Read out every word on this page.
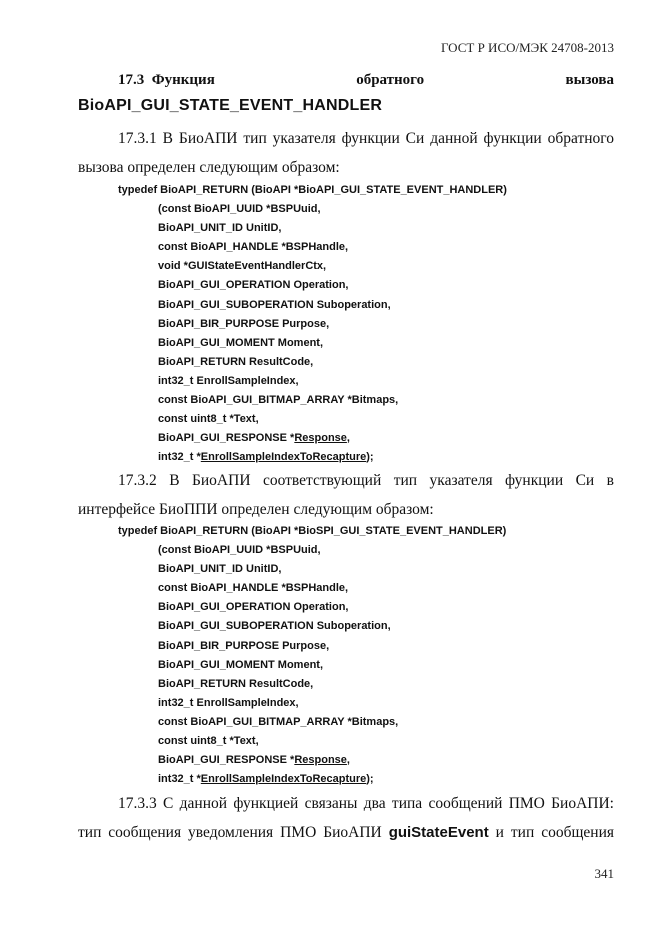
ГОСТ Р ИСО/МЭК 24708-2013
17.3 Функция	обратного	вызова
BioAPI_GUI_STATE_EVENT_HANDLER
17.3.1 В БиоАПИ тип указателя функции Си данной функции обратного
вызова определен следующим образом:
typedef BioAPI_RETURN (BioAPI *BioAPI_GUI_STATE_EVENT_HANDLER)
(const BioAPI_UUID *BSPUuid,
BioAPI_UNIT_ID UnitID,
const BioAPI_HANDLE *BSPHandle,
void *GUIStateEventHandlerCtx,
BioAPI_GUI_OPERATION Operation,
BioAPI_GUI_SUBOPERATION Suboperation,
BioAPI_BIR_PURPOSE Purpose,
BioAPI_GUI_MOMENT Moment,
BioAPI_RETURN ResultCode,
int32_t EnrollSampleIndex,
const BioAPI_GUI_BITMAP_ARRAY *Bitmaps,
const uint8_t *Text,
BioAPI_GUI_RESPONSE *Response,
int32_t *EnrollSampleIndexToRecapture);
17.3.2 В БиоАПИ соответствующий тип указателя функции Си в
интерфейсе БиоППИ определен следующим образом:
typedef BioAPI_RETURN (BioAPI *BioSPI_GUI_STATE_EVENT_HANDLER)
(const BioAPI_UUID *BSPUuid,
BioAPI_UNIT_ID UnitID,
const BioAPI_HANDLE *BSPHandle,
BioAPI_GUI_OPERATION Operation,
BioAPI_GUI_SUBOPERATION Suboperation,
BioAPI_BIR_PURPOSE Purpose,
BioAPI_GUI_MOMENT Moment,
BioAPI_RETURN ResultCode,
int32_t EnrollSampleIndex,
const BioAPI_GUI_BITMAP_ARRAY *Bitmaps,
const uint8_t *Text,
BioAPI_GUI_RESPONSE *Response,
int32_t *EnrollSampleIndexToRecapture);
17.3.3 С данной функцией связаны два типа сообщений ПМО БиоАПИ:
тип сообщения уведомления ПМО БиоАПИ guiStateEvent и тип сообщения
341
